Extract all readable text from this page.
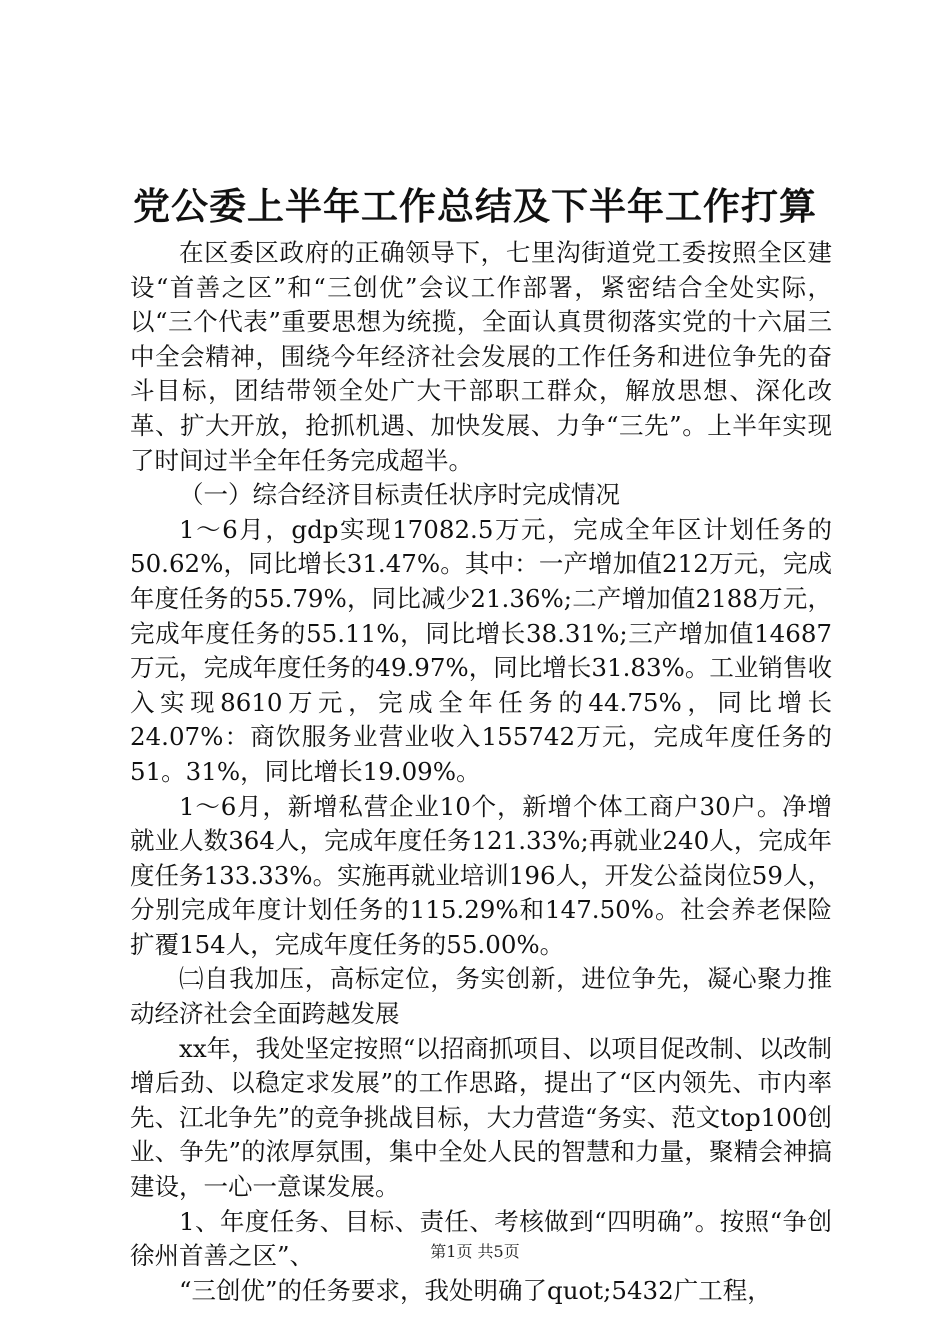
党公委上半年工作总结及下半年工作打算

在区委区政府的正确领导下，七里沟街道党工委按照全区建设“首善之区”和“三创优”会议工作部署，紧密结合全处实际，以“三个代表”重要思想为统揽，全面认真贯彻落实党的十六届三中全会精神，围绕今年经济社会发展的工作任务和进位争先的奋斗目标，团结带领全处广大干部职工群众，解放思想、深化改革、扩大开放，抢抓机遇、加快发展、力争“三先”。上半年实现了时间过半全年任务完成超半。

（一）综合经济目标责任状序时完成情况

1～6月，gdp实现17082.5万元，完成全年区计划任务的50.62%，同比增长31.47%。其中：一产增加值212万元，完成年度任务的55.79%，同比减少21.36%;二产增加值2188万元，完成年度任务的55.11%，同比增长38.31%;三产增加值14687万元，完成年度任务的49.97%，同比增长31.83%。工业销售收入实现8610万元，完成全年任务的44.75%，同比增长24.07%：商饮服务业营业收入155742万元，完成年度任务的51。31%，同比增长19.09%。

1～6月，新增私营企业10个，新增个体工商户30户。净增就业人数364人，完成年度任务121.33%;再就业240人，完成年度任务133.33%。实施再就业培训196人，开发公益岗位59人，分别完成年度计划任务的115.29%和147.50%。社会养老保险扩覆154人，完成年度任务的55.00%。

㈡自我加压，高标定位，务实创新，进位争先，凝心聚力推动经济社会全面跨越发展

xx年，我处坚定按照“以招商抓项目、以项目促改制、以改制增后劲、以稳定求发展”的工作思路，提出了“区内领先、市内率先、江北争先”的竞争挑战目标，大力营造“务实、范文top100创业、争先”的浓厚氛围，集中全处人民的智慧和力量，聚精会神搞建设，一心一意谋发展。

1、年度任务、目标、责任、考核做到“四明确”。按照“争创徐州首善之区”、

“三创优”的任务要求，我处明确了quot;5432广工程，

第1页 共5页
